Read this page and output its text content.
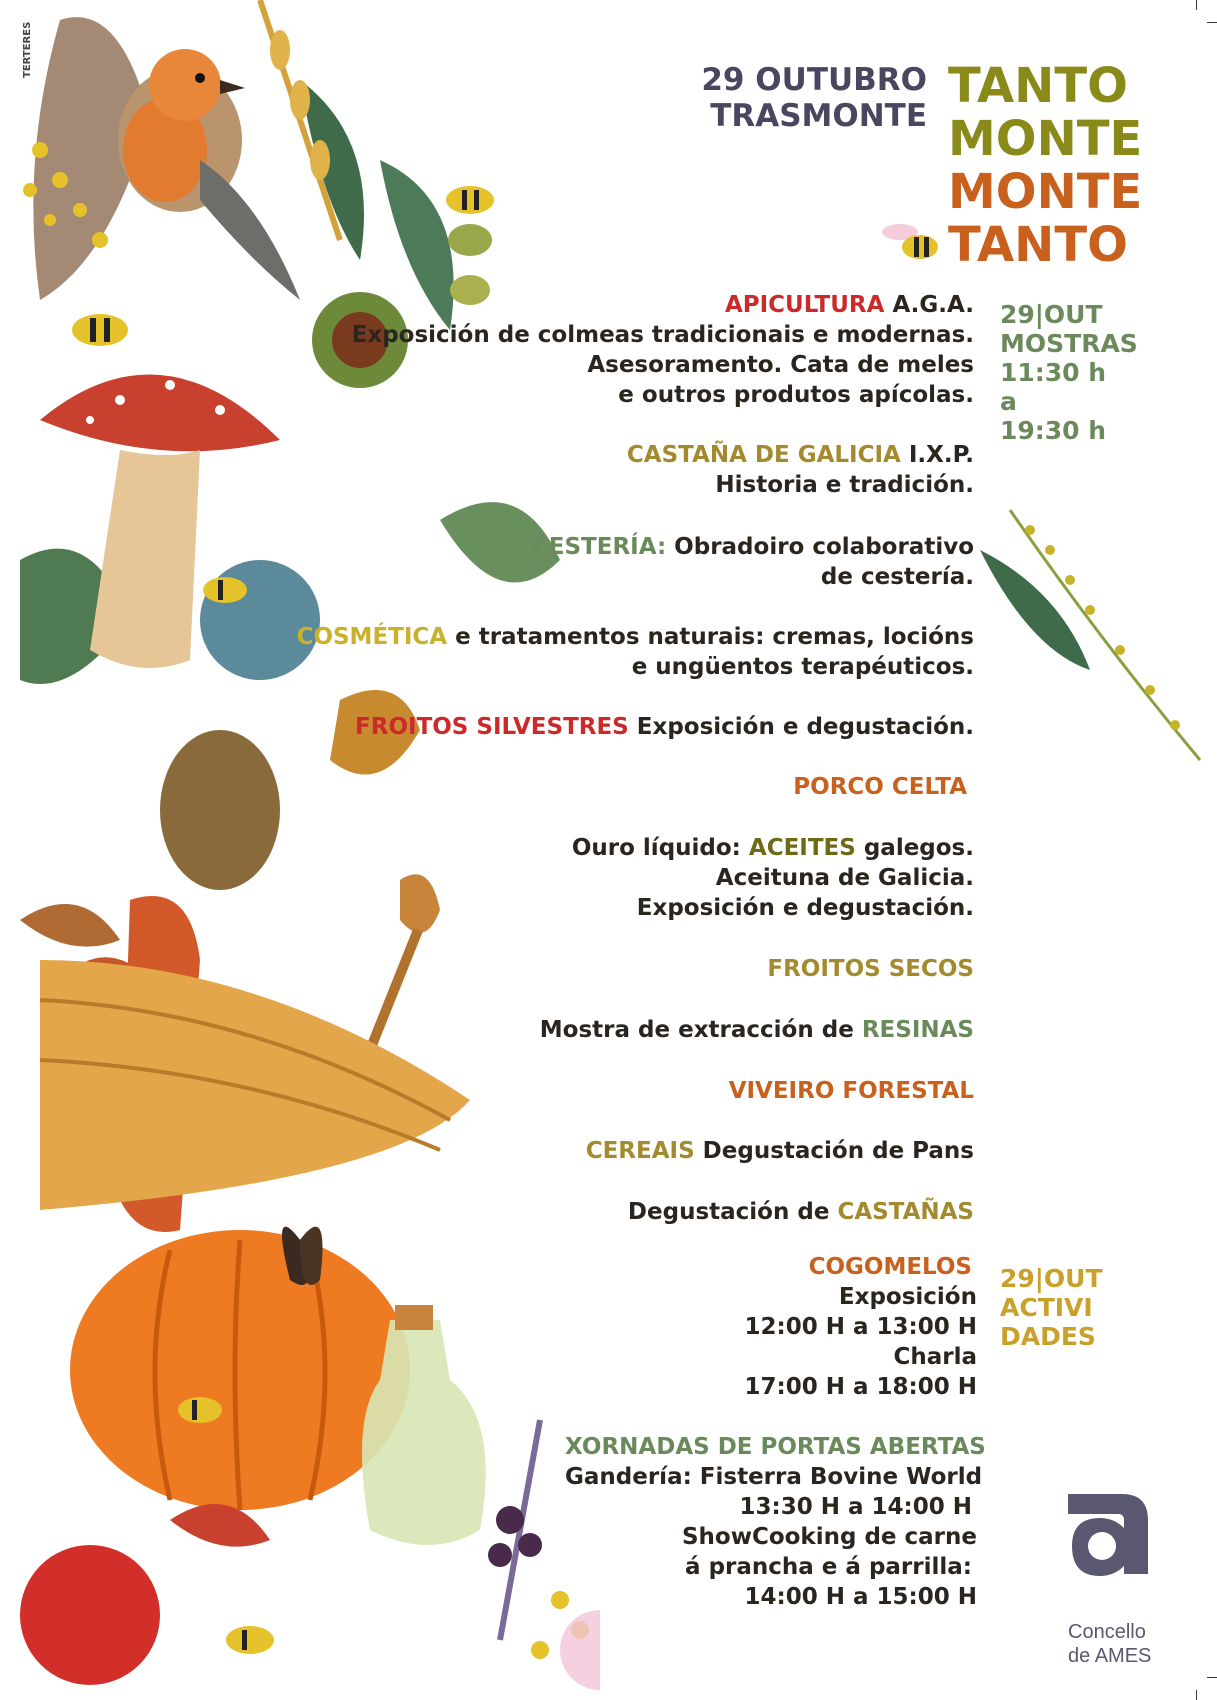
TERTERES
29 OUTUBRO
TRASMONTE
TANTO
MONTE
MONTE
TANTO
29|OUT
MOSTRAS
11:30 h
a
19:30 h
APICULTURA A.G.A.
Exposición de colmeas tradicionais e modernas.
Asesoramento. Cata de meles
e outros produtos apícolas.
CASTAÑA DE GALICIA I.X.P.
Historia e tradición.
CESTERÍA: Obradoiro colaborativo
de cestería.
COSMÉTICA e tratamentos naturais: cremas, locións
e ungüentos terapéuticos.
FROITOS SILVESTRES Exposición e degustación.
PORCO CELTA
Ouro líquido: ACEITES galegos.
Aceituna de Galicia.
Exposición e degustación.
FROITOS SECOS
Mostra de extracción de RESINAS
VIVEIRO FORESTAL
CEREAIS Degustación de Pans
Degustación de CASTAÑAS
COGOMELOS
Exposición
12:00 H a 13:00 H
Charla
17:00 H a 18:00 H
29|OUT
ACTIVI
DADES
XORNADAS DE PORTAS ABERTAS
Gandería: Fisterra Bovine World
13:30 H a 14:00 H
ShowCooking de carne
á prancha e á parrilla:
14:00 H a 15:00 H
Concello
de AMES
